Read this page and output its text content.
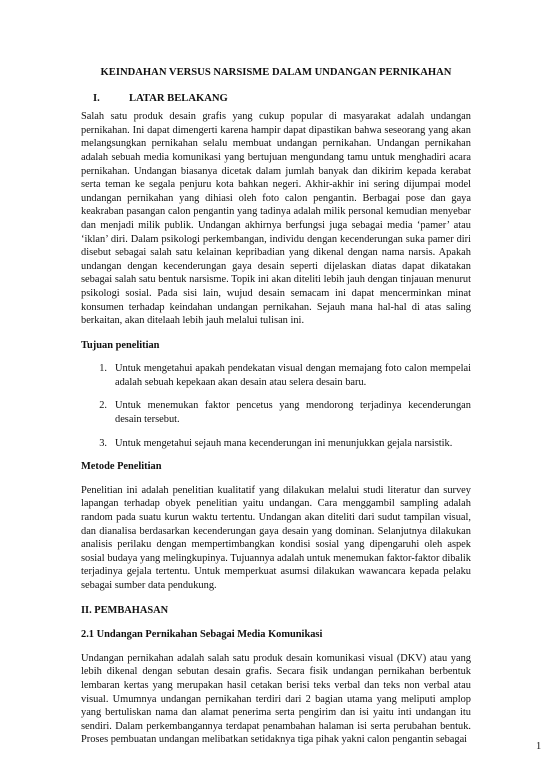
KEINDAHAN VERSUS NARSISME DALAM UNDANGAN PERNIKAHAN
I.	LATAR BELAKANG

Salah satu produk desain grafis yang cukup popular di masyarakat adalah undangan pernikahan. Ini dapat dimengerti karena hampir dapat dipastikan bahwa seseorang yang akan melangsungkan pernikahan selalu membuat undangan pernikahan. Undangan pernikahan adalah sebuah media komunikasi yang bertujuan mengundang tamu untuk menghadiri acara pernikahan. Undangan biasanya dicetak dalam jumlah banyak dan dikirim kepada kerabat serta teman ke segala penjuru kota bahkan negeri. Akhir-akhir ini sering dijumpai model undangan pernikahan yang dihiasi oleh foto calon pengantin. Berbagai pose dan gaya keakraban pasangan calon pengantin yang tadinya adalah milik personal kemudian menyebar dan menjadi milik publik. Undangan akhirnya berfungsi juga sebagai media ‘pamer’ atau ‘iklan’ diri. Dalam psikologi perkembangan, individu dengan kecenderungan suka pamer diri disebut sebagai salah satu kelainan kepribadian yang dikenal dengan nama narsis. Apakah undangan dengan kecenderungan gaya desain seperti dijelaskan diatas dapat dikatakan sebagai salah satu bentuk narsisme. Topik ini akan diteliti lebih jauh dengan tinjauan menurut psikologi sosial. Pada sisi lain, wujud desain semacam ini dapat mencerminkan minat konsumen terhadap keindahan undangan pernikahan. Sejauh mana hal-hal di atas saling berkaitan, akan ditelaah lebih jauh melalui tulisan ini.

Tujuan penelitian

1. Untuk mengetahui apakah pendekatan visual dengan memajang foto calon mempelai adalah sebuah kepekaan akan desain atau selera desain baru.
2. Untuk menemukan faktor pencetus yang mendorong terjadinya kecenderungan desain tersebut.
3. Untuk mengetahui sejauh mana kecenderungan ini menunjukkan gejala narsistik.

Metode Penelitian

Penelitian ini adalah penelitian kualitatif yang dilakukan melalui studi literatur dan survey lapangan terhadap obyek penelitian yaitu undangan. Cara menggambil sampling adalah random pada suatu kurun waktu tertentu. Undangan akan diteliti dari sudut tampilan visual, dan dianalisa berdasarkan kecenderungan gaya desain yang dominan. Selanjutnya dilakukan analisis perilaku dengan mempertimbangkan kondisi sosial yang dipengaruhi oleh aspek sosial budaya yang melingkupinya. Tujuannya adalah untuk menemukan faktor-faktor dibalik terjadinya gejala tertentu. Untuk memperkuat asumsi dilakukan wawancara kepada pelaku sebagai sumber data pendukung.

II. PEMBAHASAN

2.1 Undangan Pernikahan Sebagai Media Komunikasi

Undangan pernikahan adalah salah satu produk desain komunikasi visual (DKV) atau yang lebih dikenal dengan sebutan desain grafis. Secara fisik undangan pernikahan berbentuk lembaran kertas yang merupakan hasil cetakan berisi teks verbal dan teks non verbal atau visual. Umumnya undangan pernikahan terdiri dari 2 bagian utama yang meliputi amplop yang bertuliskan nama dan alamat penerima serta pengirim dan isi yaitu inti undangan itu sendiri. Dalam perkembangannya terdapat penambahan halaman isi serta perubahan bentuk. Proses pembuatan undangan melibatkan setidaknya tiga pihak yakni calon pengantin sebagai

1
